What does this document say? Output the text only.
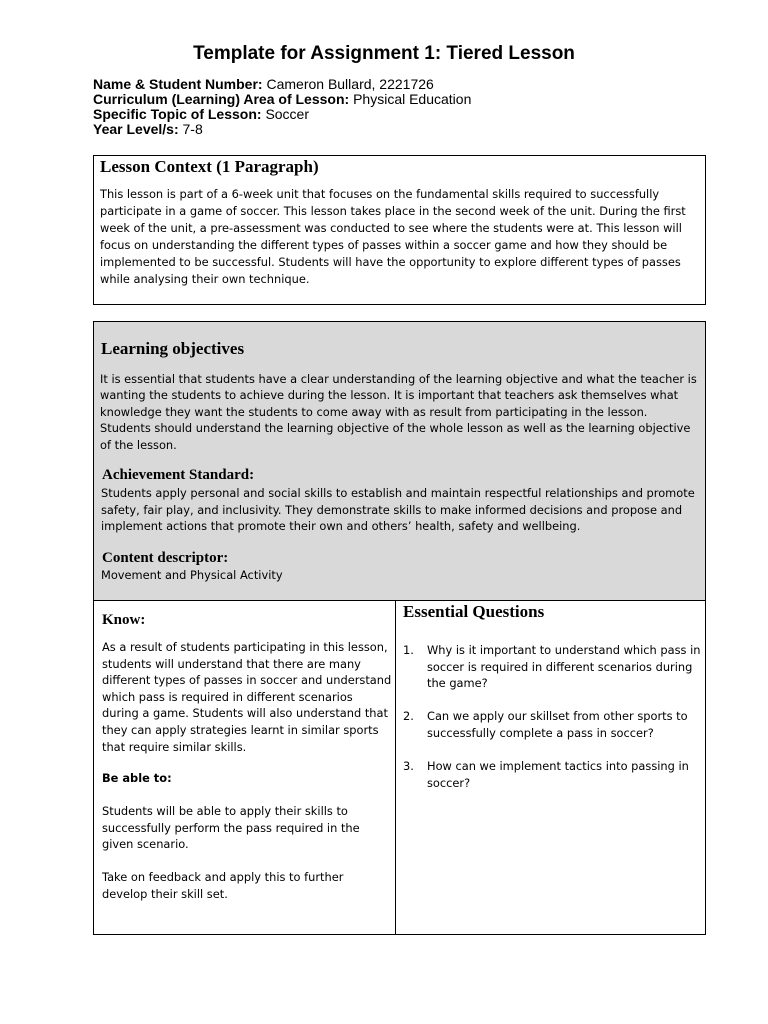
Template for Assignment 1: Tiered Lesson
Name & Student Number: Cameron Bullard, 2221726
Curriculum (Learning) Area of Lesson: Physical Education
Specific Topic of Lesson: Soccer
Year Level/s: 7-8
Lesson Context (1 Paragraph)

This lesson is part of a 6-week unit that focuses on the fundamental skills required to successfully participate in a game of soccer. This lesson takes place in the second week of the unit. During the first week of the unit, a pre-assessment was conducted to see where the students were at. This lesson will focus on understanding the different types of passes within a soccer game and how they should be implemented to be successful. Students will have the opportunity to explore different types of passes while analysing their own technique.

Learning objectives

It is essential that students have a clear understanding of the learning objective and what the teacher is wanting the students to achieve during the lesson. It is important that teachers ask themselves what knowledge they want the students to come away with as result from participating in the lesson. Students should understand the learning objective of the whole lesson as well as the learning objective of the lesson.

Achievement Standard:

Students apply personal and social skills to establish and maintain respectful relationships and promote safety, fair play, and inclusivity. They demonstrate skills to make informed decisions and propose and implement actions that promote their own and others’ health, safety and wellbeing.

Content descriptor:

Movement and Physical Activity

Know:

As a result of students participating in this lesson, students will understand that there are many different types of passes in soccer and understand which pass is required in different scenarios during a game. Students will also understand that they can apply strategies learnt in similar sports that require similar skills.

Be able to:

Students will be able to apply their skills to successfully perform the pass required in the given scenario.

Take on feedback and apply this to further develop their skill set.

Essential Questions
1. Why is it important to understand which pass in soccer is required in different scenarios during the game?
2. Can we apply our skillset from other sports to successfully complete a pass in soccer?
3. How can we implement tactics into passing in soccer?
